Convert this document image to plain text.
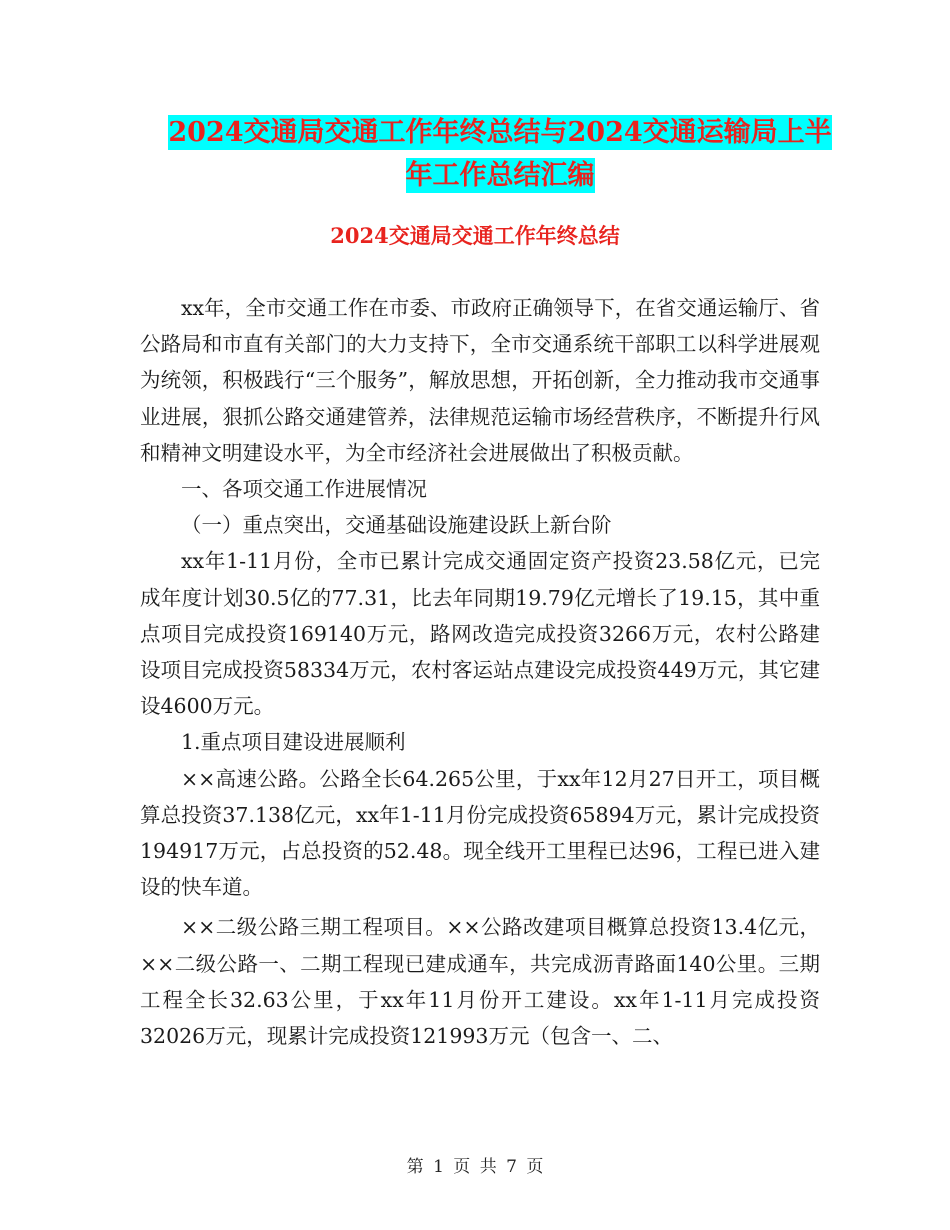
2024交通局交通工作年终总结与2024交通运输局上半
年工作总结汇编
2024交通局交通工作年终总结

xx年，全市交通工作在市委、市政府正确领导下，在省交通运输厅、省公路局和市直有关部门的大力支持下，全市交通系统干部职工以科学进展观为统领，积极践行“三个服务”，解放思想，开拓创新，全力推动我市交通事业进展，狠抓公路交通建管养，法律规范运输市场经营秩序，不断提升行风和精神文明建设水平，为全市经济社会进展做出了积极贡献。

一、各项交通工作进展情况

（一）重点突出，交通基础设施建设跃上新台阶

xx年1-11月份，全市已累计完成交通固定资产投资23.58亿元，已完成年度计划30.5亿的77.31，比去年同期19.79亿元增长了19.15，其中重点项目完成投资169140万元，路网改造完成投资3266万元，农村公路建设项目完成投资58334万元，农村客运站点建设完成投资449万元，其它建设4600万元。

1.重点项目建设进展顺利

××高速公路。公路全长64.265公里，于xx年12月27日开工，项目概算总投资37.138亿元，xx年1-11月份完成投资65894万元，累计完成投资194917万元，占总投资的52.48。现全线开工里程已达96，工程已进入建设的快车道。

××二级公路三期工程项目。××公路改建项目概算总投资13.4亿元，××二级公路一、二期工程现已建成通车，共完成沥青路面140公里。三期工程全长32.63公里，于xx年11月份开工建设。xx年1-11月完成投资32026万元，现累计完成投资121993万元（包含一、二、

第 1 页 共 7 页
